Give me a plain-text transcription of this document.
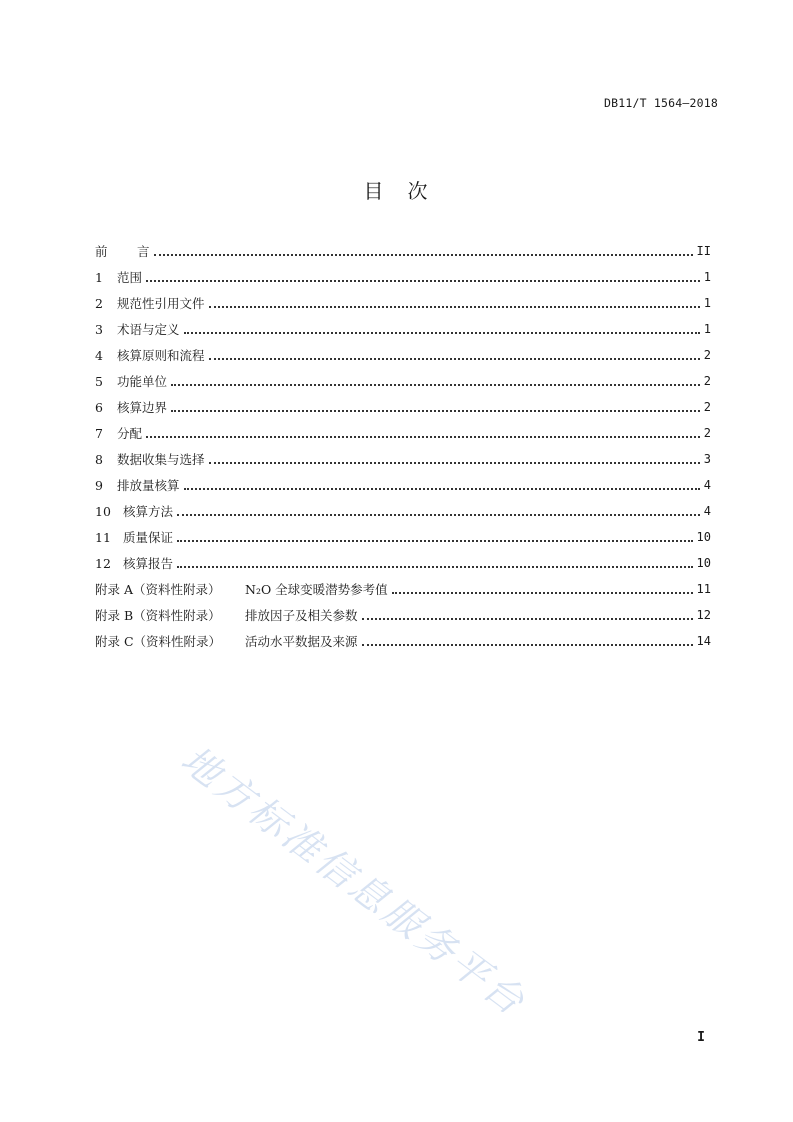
DB11/T 1564—2018
目　次
前	言	II
1	范围	1
2	规范性引用文件	1
3	术语与定义	1
4	核算原则和流程	2
5	功能单位	2
6	核算边界	2
7	分配	2
8	数据收集与选择	3
9	排放量核算	4
10 核算方法	4
11 质量保证	10
12 核算报告	10
附录 A（资料性附录）	N₂O 全球变暖潜势参考值	11
附录 B（资料性附录）	排放因子及相关参数	12
附录 C（资料性附录）	活动水平数据及来源	14
地方标准信息服务平台
I
